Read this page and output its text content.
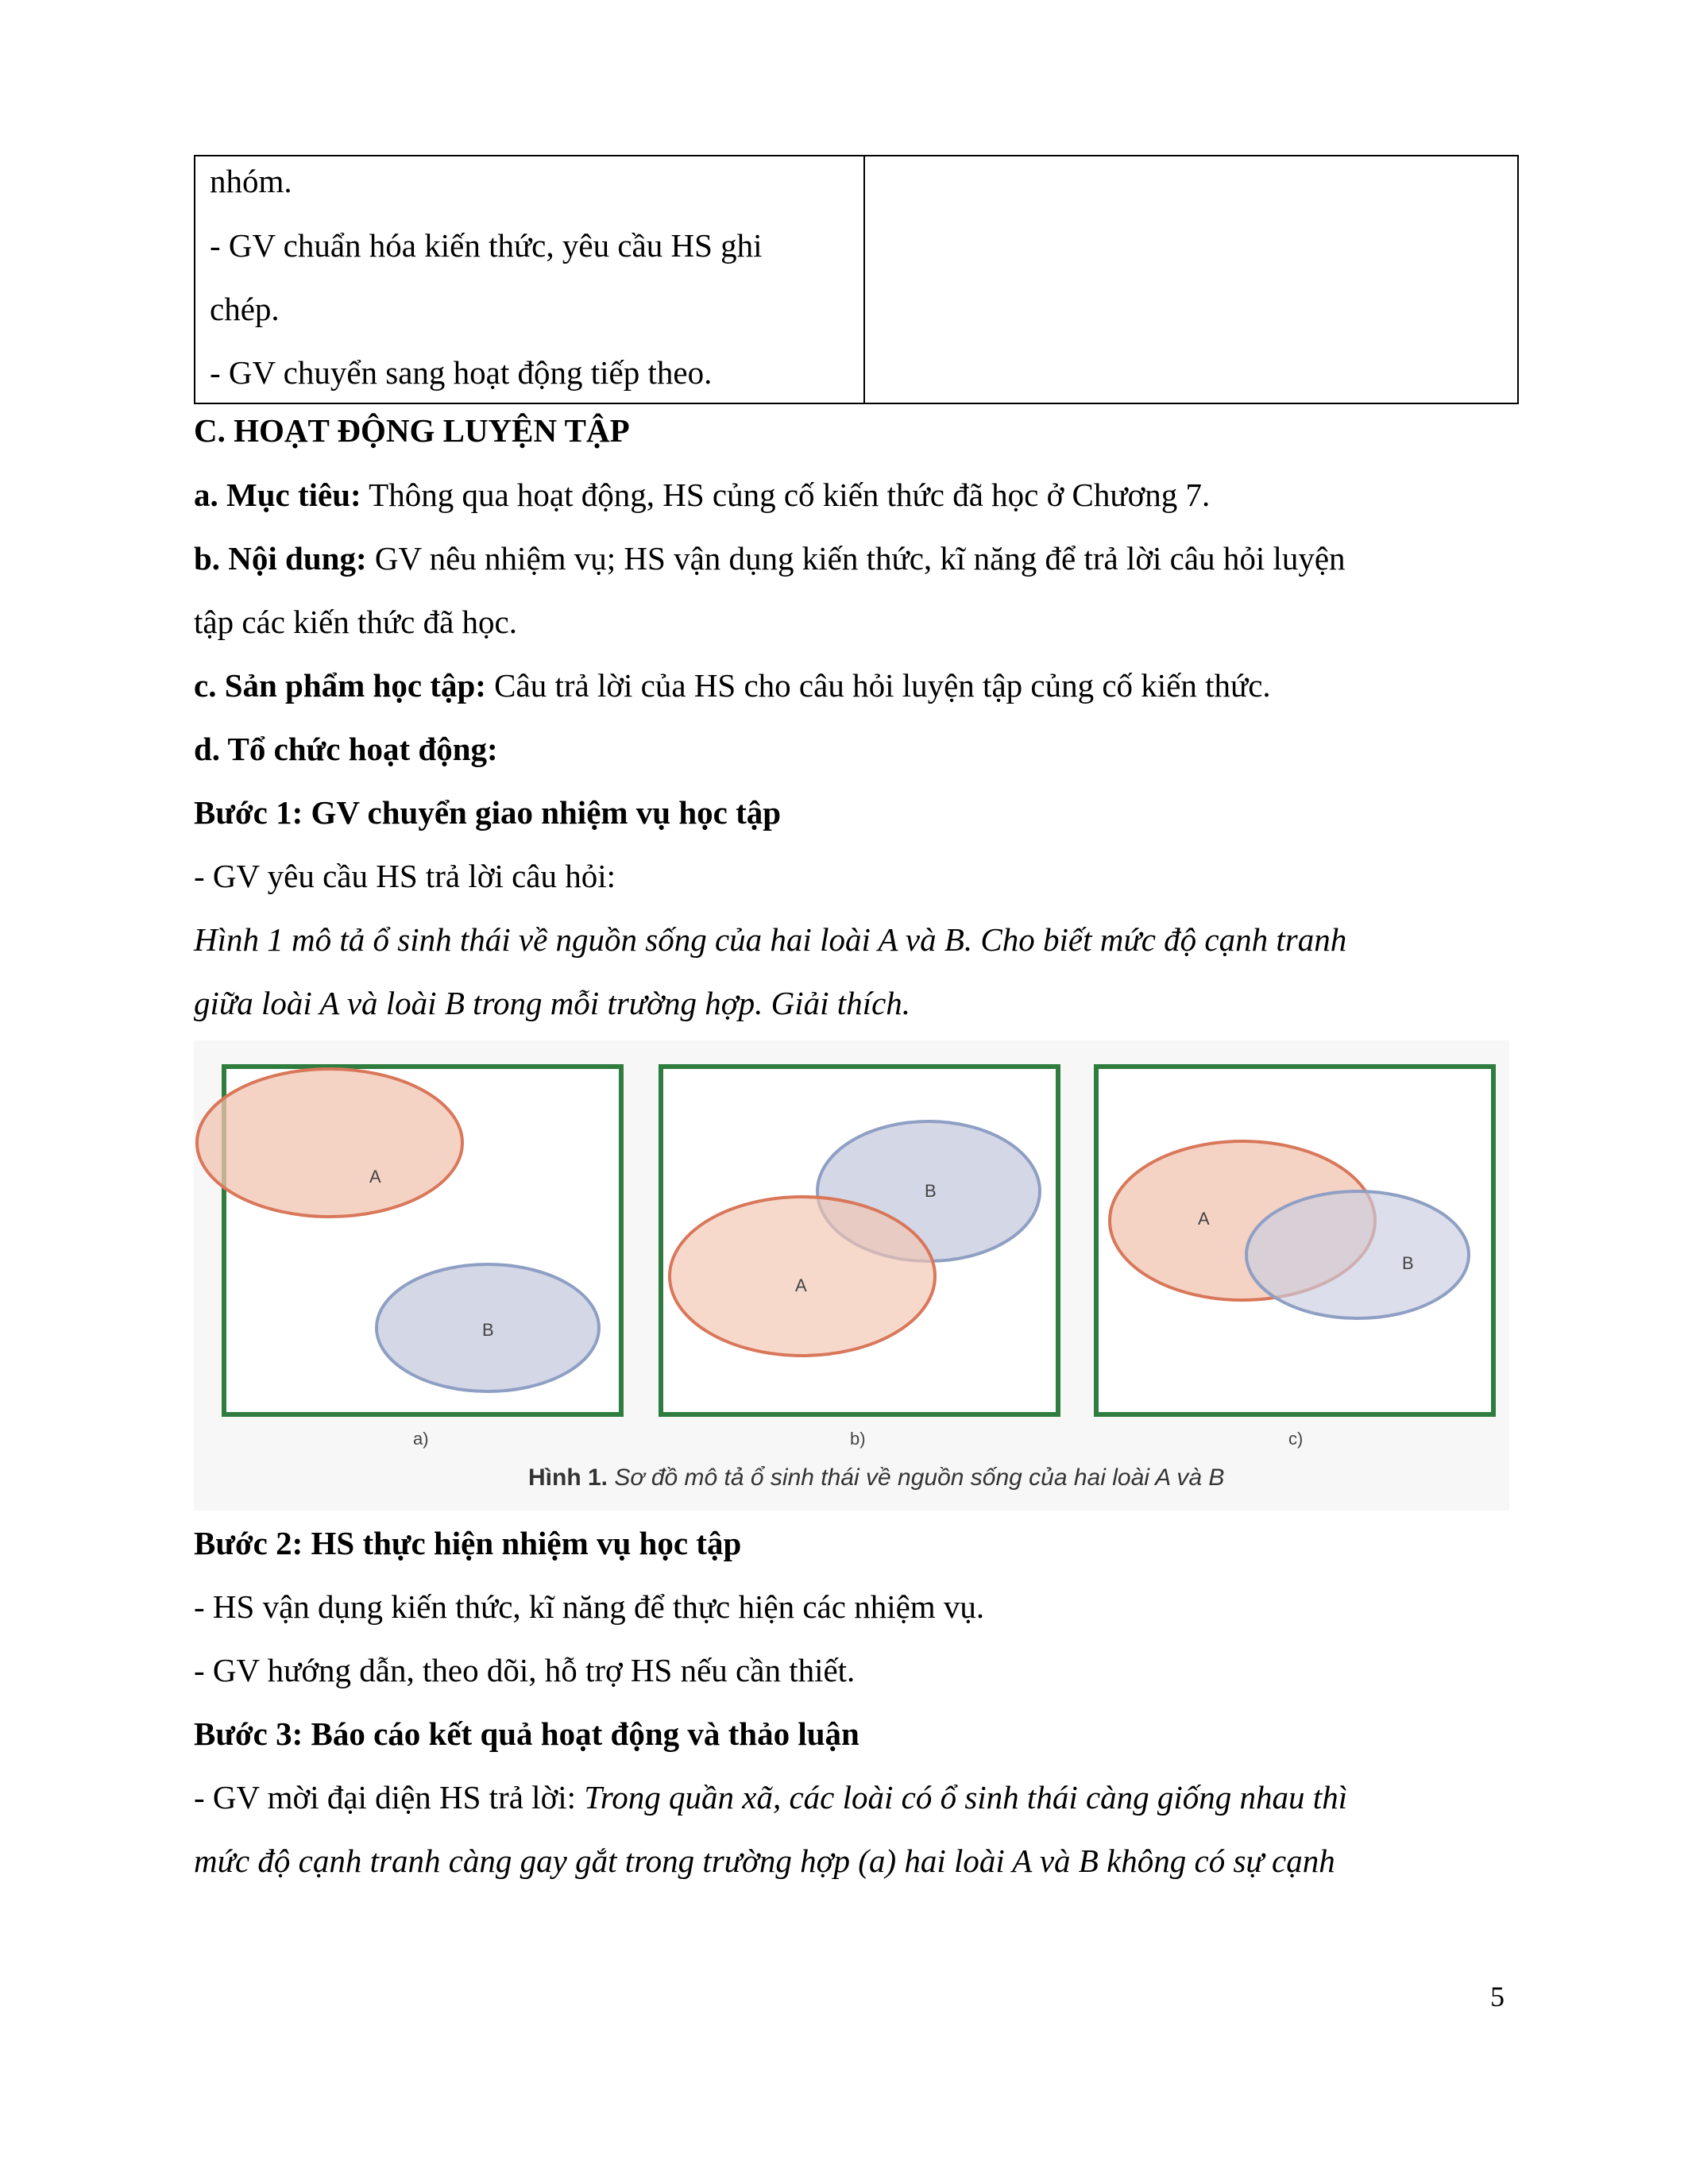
nhóm.
- GV chuẩn hóa kiến thức, yêu cầu HS ghi
chép.
- GV chuyển sang hoạt động tiếp theo.
C. HOẠT ĐỘNG LUYỆN TẬP
a. Mục tiêu: Thông qua hoạt động, HS củng cố kiến thức đã học ở Chương 7.
b. Nội dung: GV nêu nhiệm vụ; HS vận dụng kiến thức, kĩ năng để trả lời câu hỏi luyện
tập các kiến thức đã học.
c. Sản phẩm học tập: Câu trả lời của HS cho câu hỏi luyện tập củng cố kiến thức.
d. Tổ chức hoạt động:
Bước 1: GV chuyển giao nhiệm vụ học tập
- GV yêu cầu HS trả lời câu hỏi:
Hình 1 mô tả ổ sinh thái về nguồn sống của hai loài A và B. Cho biết mức độ cạnh tranh
giữa loài A và loài B trong mỗi trường hợp. Giải thích.
A
B
B
A
A
B
a)	b)	c)
Hình 1. Sơ đồ mô tả ổ sinh thái về nguồn sống của hai loài A và B
Bước 2: HS thực hiện nhiệm vụ học tập
- HS vận dụng kiến thức, kĩ năng để thực hiện các nhiệm vụ.
- GV hướng dẫn, theo dõi, hỗ trợ HS nếu cần thiết.
Bước 3: Báo cáo kết quả hoạt động và thảo luận
- GV mời đại diện HS trả lời: Trong quần xã, các loài có ổ sinh thái càng giống nhau thì
mức độ cạnh tranh càng gay gắt trong trường hợp (a) hai loài A và B không có sự cạnh
5
